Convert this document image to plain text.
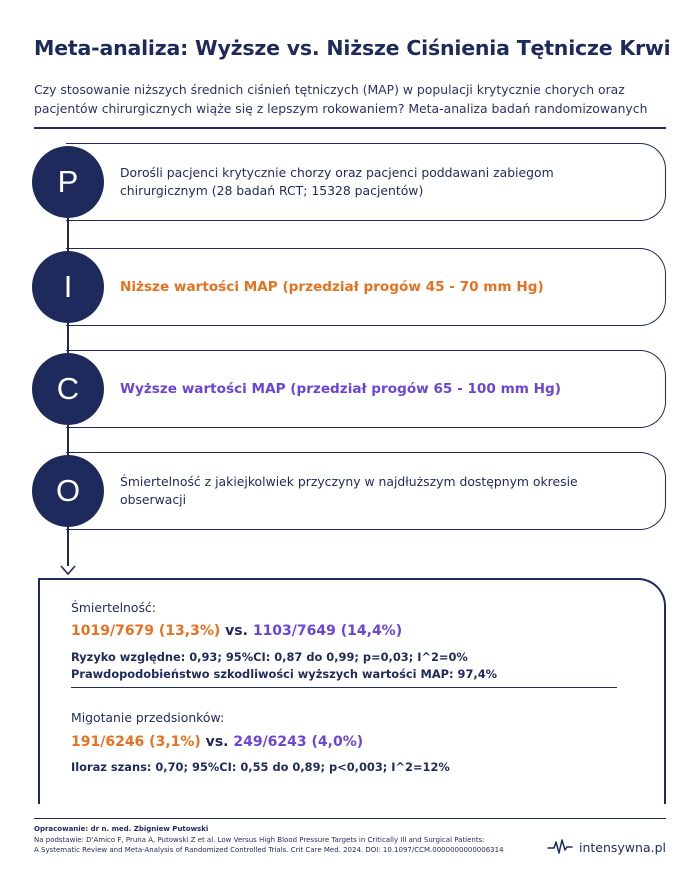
Meta-analiza: Wyższe vs. Niższe Ciśnienia Tętnicze Krwi
Czy stosowanie niższych średnich ciśnień tętniczych (MAP) w populacji krytycznie chorych oraz pacjentów chirurgicznych wiąże się z lepszym rokowaniem? Meta-analiza badań randomizowanych
Dorośli pacjenci krytycznie chorzy oraz pacjenci poddawani zabiegom chirurgicznym (28 badań RCT; 15328 pacjentów)
P
Niższe wartości MAP (przedział progów 45 - 70 mm Hg)
I
Wyższe wartości MAP (przedział progów 65 - 100 mm Hg)
C
Śmiertelność z jakiejkolwiek przyczyny w najdłuższym dostępnym okresie obserwacji
O
Śmiertelność:
1019/7679 (13,3%) vs. 1103/7649 (14,4%)
Ryzyko względne: 0,93; 95%CI: 0,87 do 0,99; p=0,03; I^2=0%
Prawdopodobieństwo szkodliwości wyższych wartości MAP: 97,4%
Migotanie przedsionków:
191/6246 (3,1%) vs. 249/6243 (4,0%)
Iloraz szans: 0,70; 95%CI: 0,55 do 0,89; p<0,003; I^2=12%
Opracowanie: dr n. med. Zbigniew Putowski
Na podstawie: D'Amico F, Pruna A, Putowski Z et al. Low Versus High Blood Pressure Targets in Critically Ill and Surgical Patients:
A Systematic Review and Meta-Analysis of Randomized Controlled Trials. Crit Care Med. 2024. DOI: 10.1097/CCM.0000000000006314	intensywna.pl
